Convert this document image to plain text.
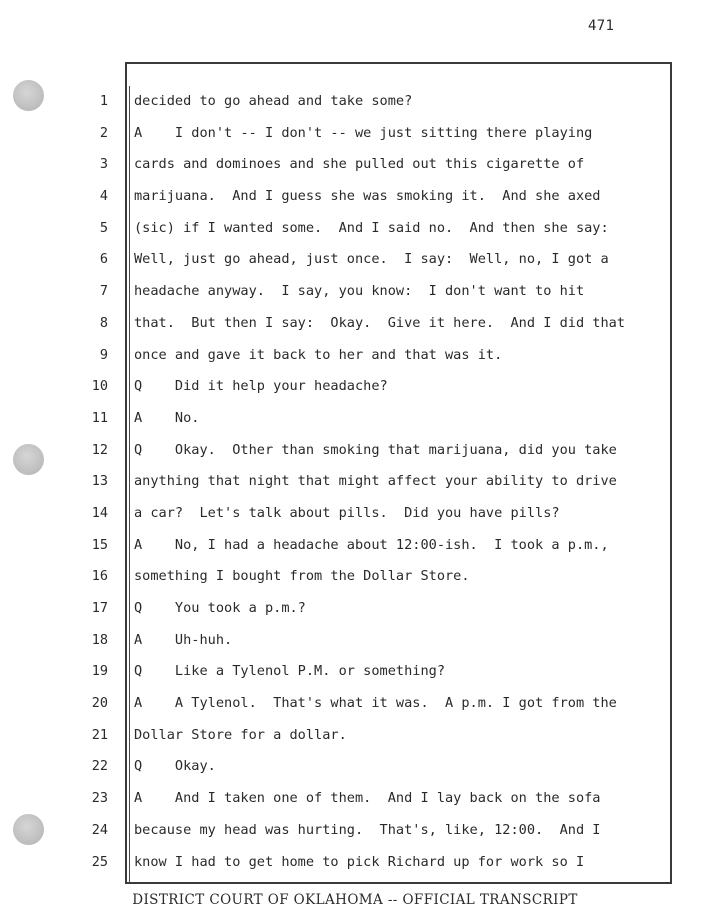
471
1
2
3
4
5
6
7
8
9
10
11
12
13
14
15
16
17
18
19
20
21
22
23
24
25
decided to go ahead and take some?
A    I don't -- I don't -- we just sitting there playing
cards and dominoes and she pulled out this cigarette of
marijuana.  And I guess she was smoking it.  And she axed
(sic) if I wanted some.  And I said no.  And then she say:
Well, just go ahead, just once.  I say:  Well, no, I got a
headache anyway.  I say, you know:  I don't want to hit
that.  But then I say:  Okay.  Give it here.  And I did that
once and gave it back to her and that was it.
Q    Did it help your headache?
A    No.
Q    Okay.  Other than smoking that marijuana, did you take
anything that night that might affect your ability to drive
a car?  Let's talk about pills.  Did you have pills?
A    No, I had a headache about 12:00-ish.  I took a p.m.,
something I bought from the Dollar Store.
Q    You took a p.m.?
A    Uh-huh.
Q    Like a Tylenol P.M. or something?
A    A Tylenol.  That's what it was.  A p.m. I got from the
Dollar Store for a dollar.
Q    Okay.
A    And I taken one of them.  And I lay back on the sofa
because my head was hurting.  That's, like, 12:00.  And I
know I had to get home to pick Richard up for work so I
DISTRICT COURT OF OKLAHOMA -- OFFICIAL TRANSCRIPT
